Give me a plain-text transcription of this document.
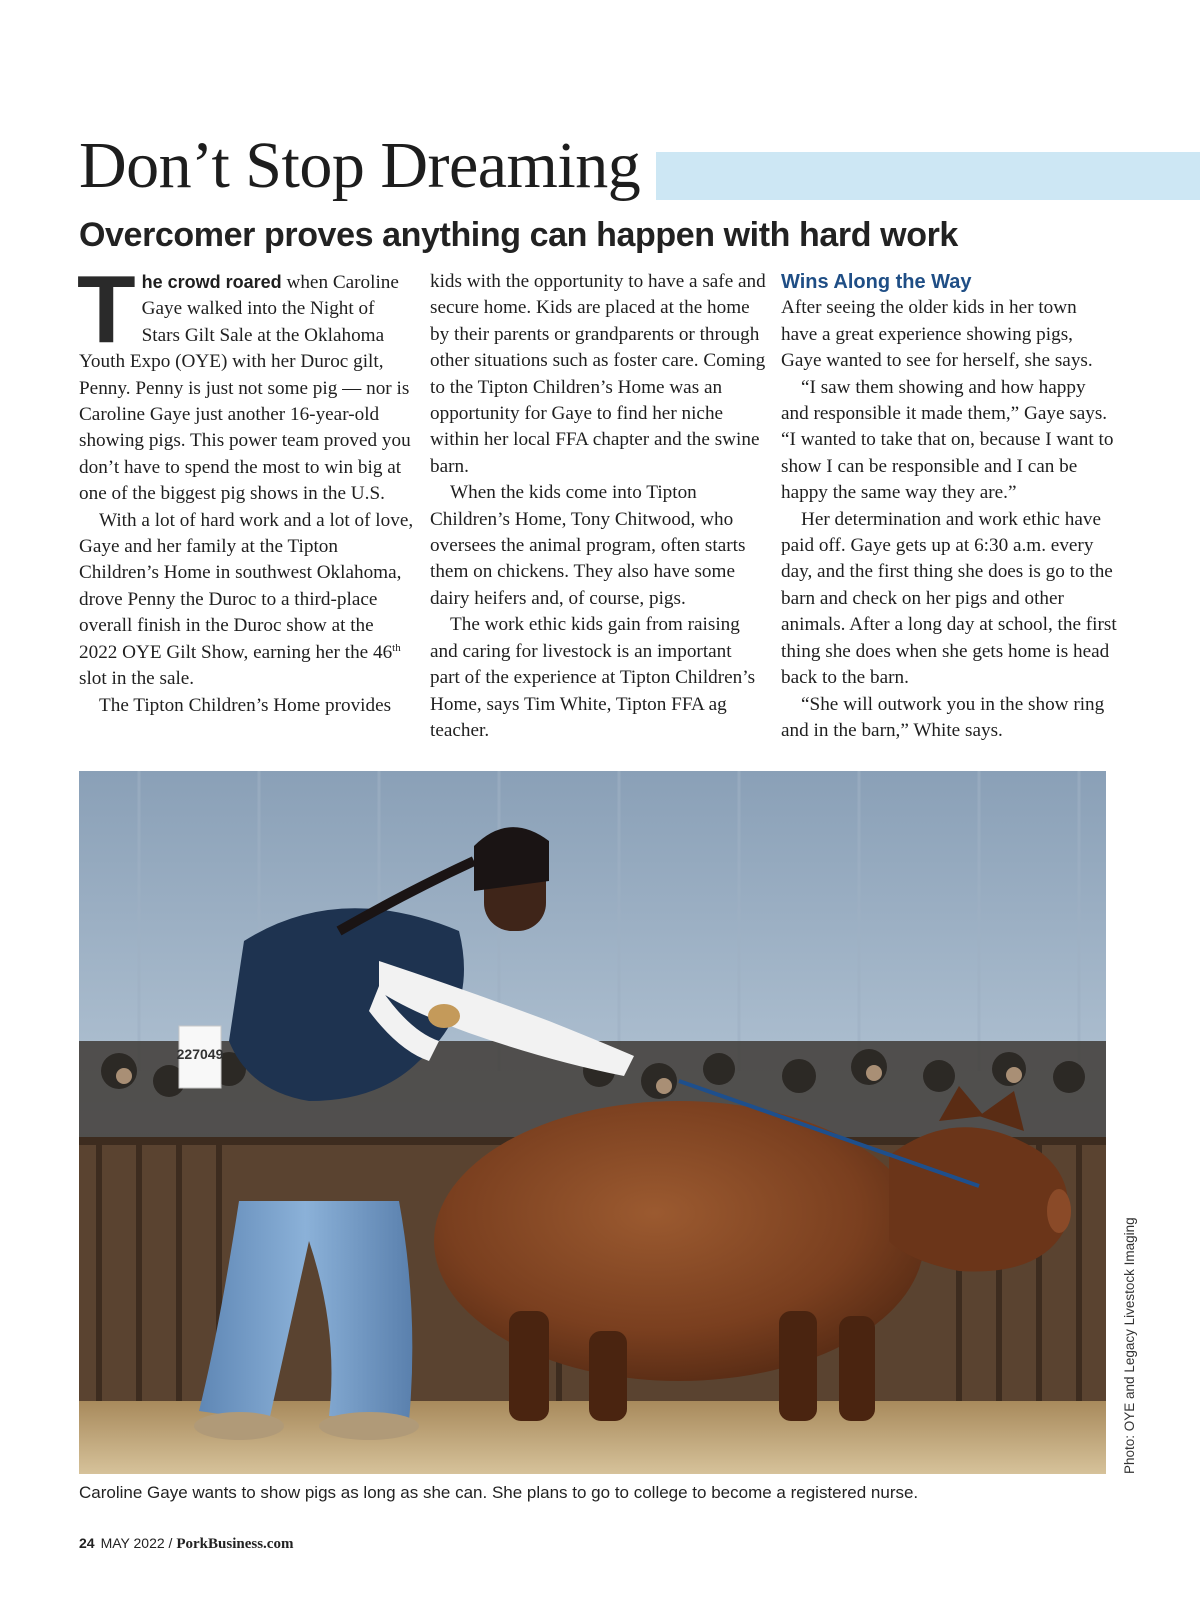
Don’t Stop Dreaming
Overcomer proves anything can happen with hard work

The crowd roared when Caroline Gaye walked into the Night of Stars Gilt Sale at the Oklahoma Youth Expo (OYE) with her Duroc gilt, Penny. Penny is just not some pig — nor is Caroline Gaye just another 16-year-old showing pigs. This power team proved you don’t have to spend the most to win big at one of the biggest pig shows in the U.S.

With a lot of hard work and a lot of love, Gaye and her family at the Tipton Children’s Home in southwest Oklahoma, drove Penny the Duroc to a third-place overall finish in the Duroc show at the 2022 OYE Gilt Show, earning her the 46th slot in the sale.

The Tipton Children’s Home provides

kids with the opportunity to have a safe and secure home. Kids are placed at the home by their parents or grandparents or through other situations such as foster care. Coming to the Tipton Children’s Home was an opportunity for Gaye to find her niche within her local FFA chapter and the swine barn.

When the kids come into Tipton Children’s Home, Tony Chitwood, who oversees the animal program, often starts them on chickens. They also have some dairy heifers and, of course, pigs.

The work ethic kids gain from raising and caring for livestock is an important part of the experience at Tipton Children’s Home, says Tim White, Tipton FFA ag teacher.

Wins Along the Way

After seeing the older kids in her town have a great experience showing pigs, Gaye wanted to see for herself, she says.

“I saw them showing and how happy and responsible it made them,” Gaye says. “I wanted to take that on, because I want to show I can be responsible and I can be happy the same way they are.”

Her determination and work ethic have paid off. Gaye gets up at 6:30 a.m. every day, and the first thing she does is go to the barn and check on her pigs and other animals. After a long day at school, the first thing she does when she gets home is head back to the barn.

“She will outwork you in the show ring and in the barn,” White says.

227049
Photo: OYE and Legacy Livestock Imaging
Caroline Gaye wants to show pigs as long as she can. She plans to go to college to become a registered nurse.
24 MAY 2022 / PorkBusiness.com
